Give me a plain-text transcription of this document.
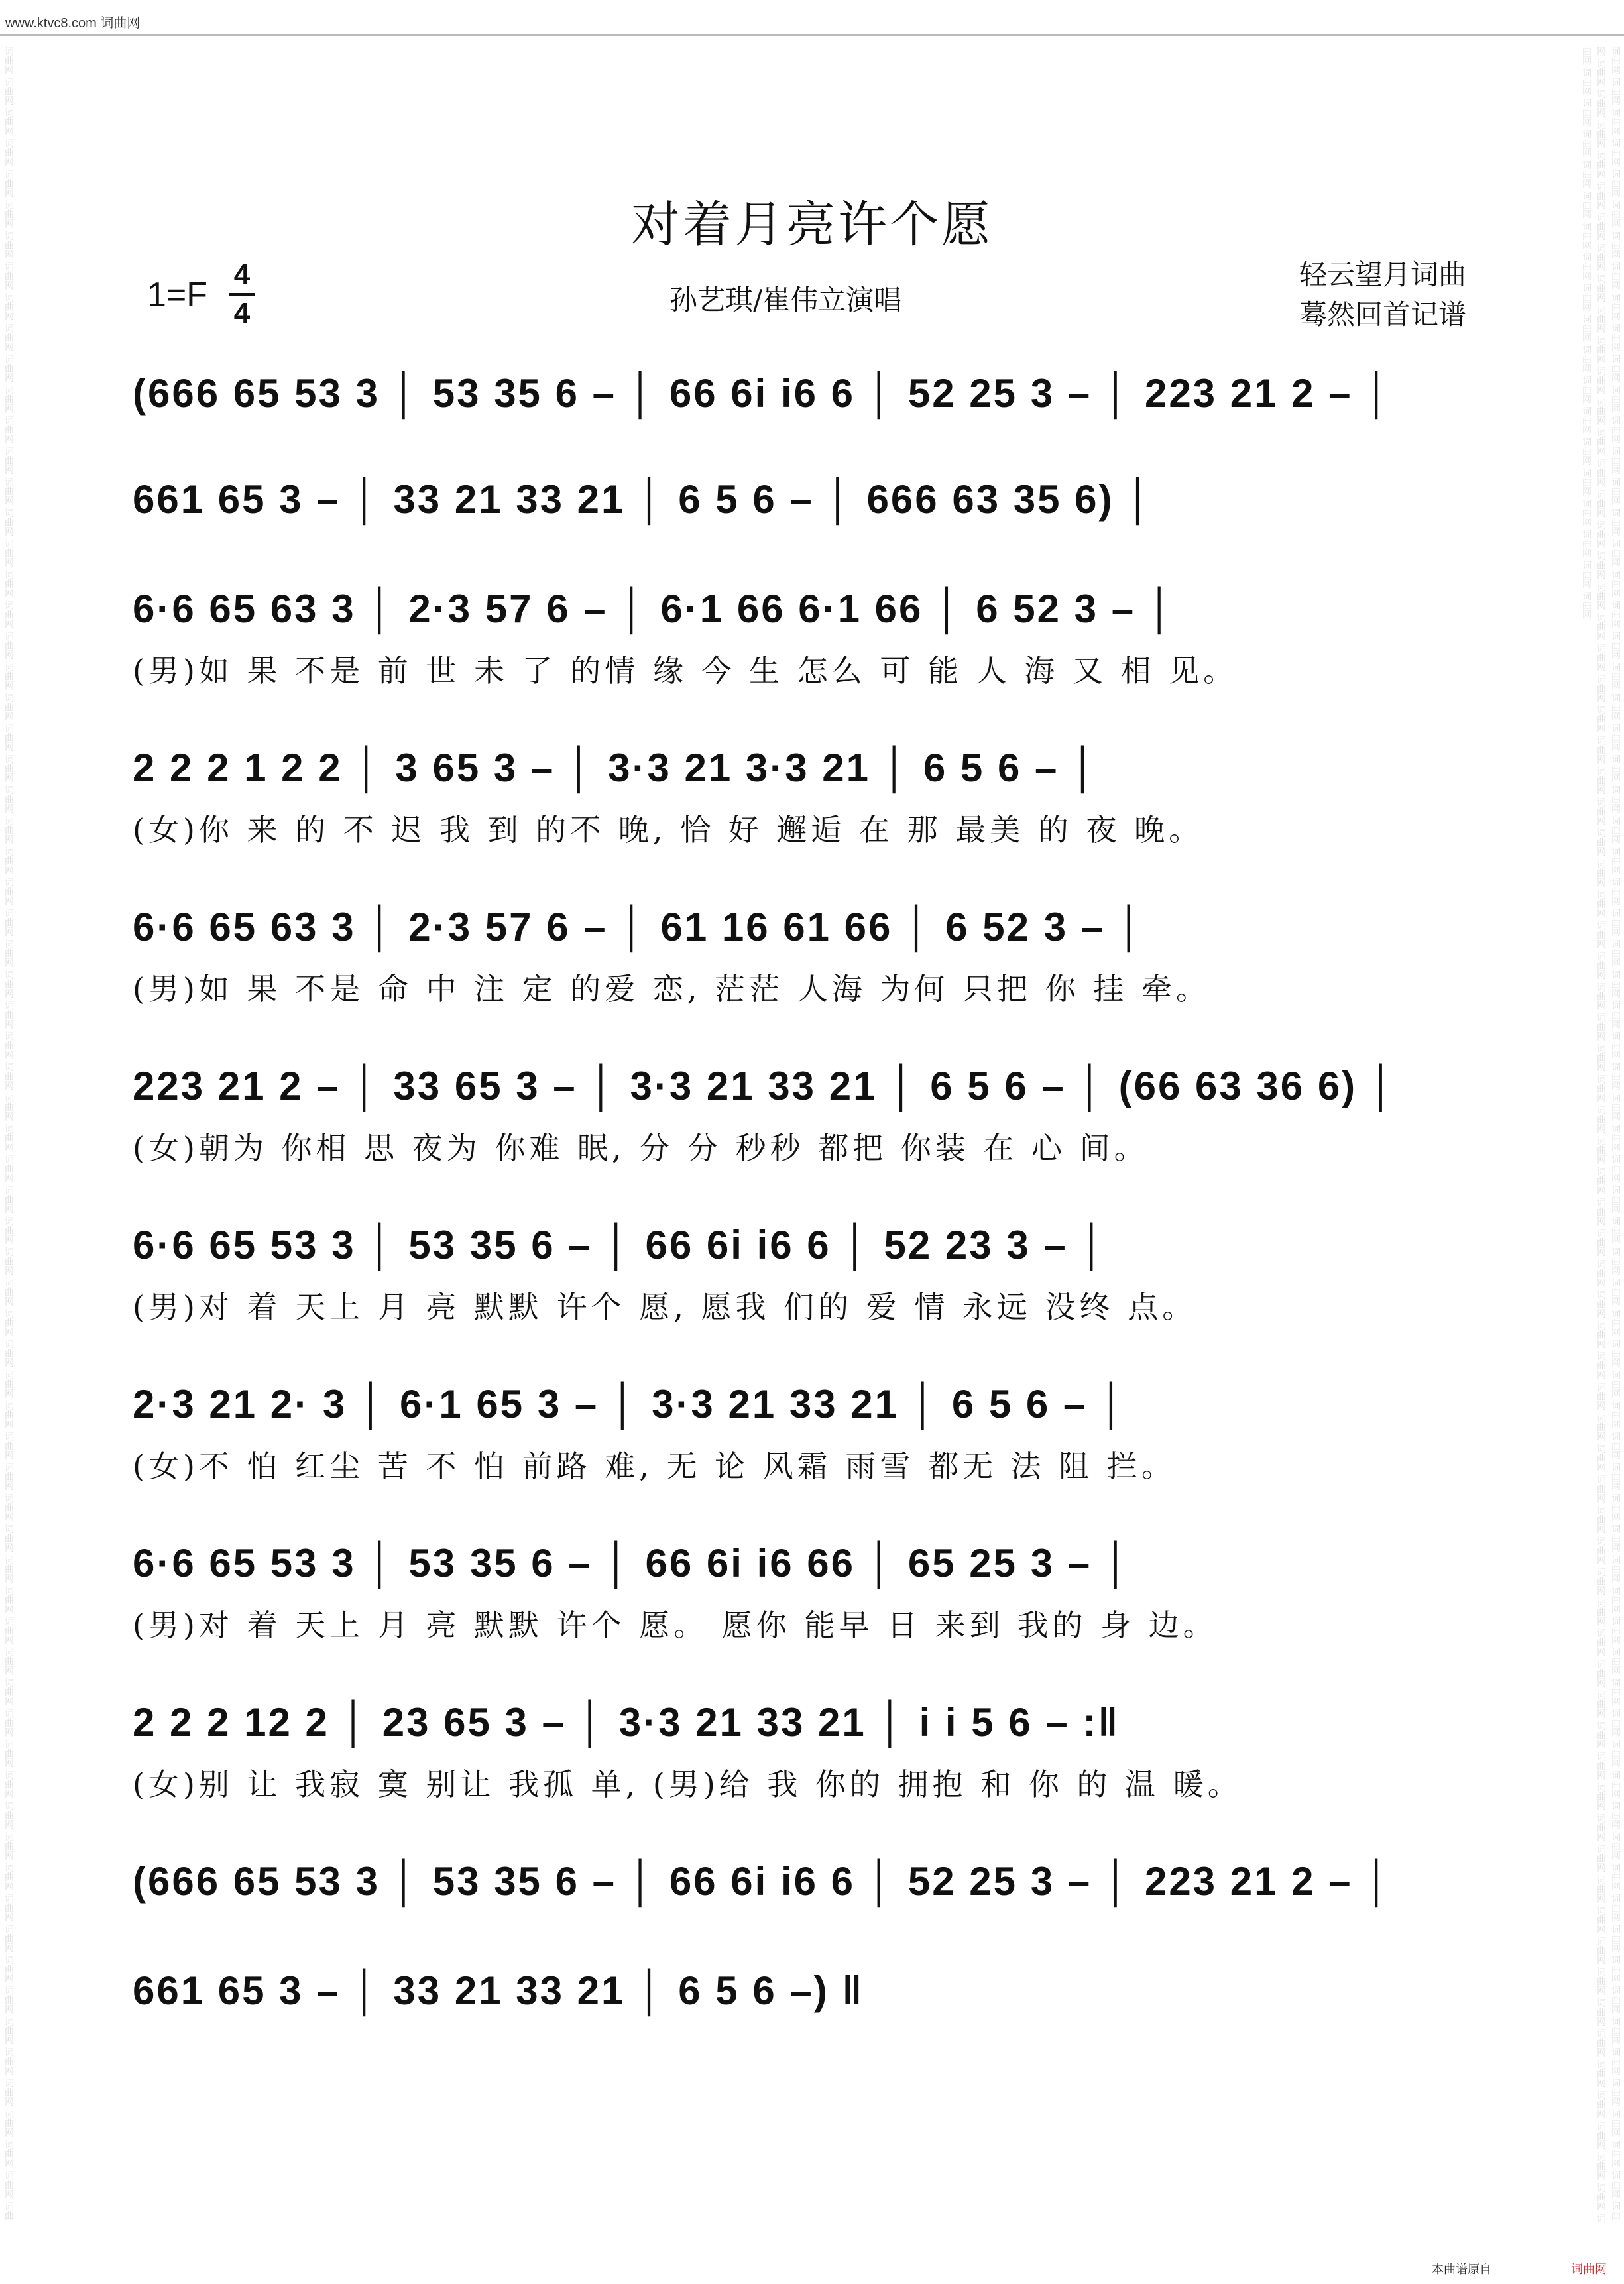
www.ktvc8.com 词曲网
词曲网 词曲网 词曲网 词曲网 词曲网 词曲网 词曲网 词曲网 词曲网 词曲网 词曲网 词曲网 词曲网 词曲网 词曲网 词曲网 词曲网 词曲网 词曲网 词曲网 词曲网 词曲网 词曲网 词曲网 词曲网 词曲网 词曲网 词曲网 词曲网 词曲网 词曲网 词曲网 词曲网 词曲网 词曲网 词曲网 词曲网 词曲网 词曲网 词曲网 词曲网 词曲网 词曲网 词曲网 词曲网 词曲网 词曲网 词曲网 词曲网 词曲网 词曲网 词曲网 词曲网 词曲网 词曲网 词曲网 词曲网 词曲网 词曲网 词曲网 词曲网 词曲网 词曲网 词曲网 词曲网 词曲网 词曲网 词曲网 词曲网 词曲网 词曲	词曲网 词曲网 词曲网 词曲网 词曲网 词曲网 词曲网 词曲网 词曲网 词曲网 词曲网 词曲网 词曲网 词曲网 词曲网 词曲网 词曲网 词曲网 词曲网 词曲网 词曲网 词曲网 词曲网 词曲网 词曲网 词曲网 词曲网 词曲网 词曲网 词曲网 词曲网 词曲网 词曲网 词曲网 词曲网 词曲网 词曲网 词曲网 词曲网 词曲网 词曲网 词曲网 词曲网 词曲网 词曲网 词曲网 词曲网 词曲网 词曲网 词曲网 词曲网 词曲网 词曲网 词曲网 词曲网 词曲网 词曲网 词曲网 词曲网 词曲网 词曲网 词曲网 词曲网 词曲网 词曲网 词曲网 词曲网 词曲网 词曲网 词曲网 词曲网 词曲网 词曲网 词曲网 词曲网 词曲网 词曲网 词曲网 词曲网 词曲网 词曲网 词曲网 词曲网 词曲网 词曲网 词曲网 词曲网 词曲网 词曲网 词曲网 词曲网 词曲网 词曲网 词曲网 词曲网 词曲网 词曲网 词曲网 词曲网 词曲网 词曲网 词曲网 词曲网 词曲网 词曲网 词曲网 词曲网 词曲网 词曲网 词曲网 词曲网 词曲网 词曲网 词曲网 词曲网 词曲网 词曲网 词曲网 词曲网 词曲网 词曲网 词曲网 词曲网 词曲网 词曲网 词曲网 词曲网 词曲网 词曲网 词曲网 词曲网 词曲网 词曲网 词曲网 词曲网 词曲网 词曲网 词曲网 词曲网 词曲网 词曲网 词曲网 词曲网 词曲网 词曲网 词曲网 词曲网 词曲网 词曲网 词曲网 词曲网 词曲网 词曲网 词曲网 词曲网 词曲网 词曲网 词曲网 词曲网 词曲网
对着月亮许个愿
1=F
4
4	孙艺琪/崔伟立演唱
轻云望月词曲
蓦然回首记谱
(666 65 53 3 │ 53 35 6 – │ 66 6i i6 6 │ 52 25 3 – │ 223 21 2 – │
661 65 3 – │ 33 21 33 21 │ 6 5 6 – │ 666 63 35 6) │
6·6 65 63 3 │ 2·3 57 6 – │ 6·1 66 6·1 66 │ 6 52 3 – │
(男)如 果 不是 前 世 未 了 的情 缘 今 生 怎么 可 能 人 海 又 相 见。
2 2 2 1 2 2 │ 3 65 3 – │ 3·3 21 3·3 21 │ 6 5 6 – │
(女)你 来 的 不 迟 我 到 的不 晚, 恰 好 邂逅 在 那 最美 的 夜 晚。
6·6 65 63 3 │ 2·3 57 6 – │ 61 16 61 66 │ 6 52 3 – │
(男)如 果 不是 命 中 注 定 的爱 恋, 茫茫 人海 为何 只把 你 挂 牵。
223 21 2 – │ 33 65 3 – │ 3·3 21 33 21 │ 6 5 6 – │ (66 63 36 6) │
(女)朝为 你相 思 夜为 你难 眠, 分 分 秒秒 都把 你装 在 心 间。
6·6 65 53 3 │ 53 35 6 – │ 66 6i i6 6 │ 52 23 3 – │
(男)对 着 天上 月 亮 默默 许个 愿, 愿我 们的 爱 情 永远 没终 点。
2·3 21 2· 3 │ 6·1 65 3 – │ 3·3 21 33 21 │ 6 5 6 – │
(女)不 怕 红尘 苦 不 怕 前路 难, 无 论 风霜 雨雪 都无 法 阻 拦。
6·6 65 53 3 │ 53 35 6 – │ 66 6i i6 66 │ 65 25 3 – │
(男)对 着 天上 月 亮 默默 许个 愿。 愿你 能早 日 来到 我的 身 边。
2 2 2 12 2 │ 23 65 3 – │ 3·3 21 33 21 │ i i 5 6 – :‖
(女)别 让 我寂 寞 别让 我孤 单, (男)给 我 你的 拥抱 和 你 的 温 暖。
(666 65 53 3 │ 53 35 6 – │ 66 6i i6 6 │ 52 25 3 – │ 223 21 2 – │
661 65 3 – │ 33 21 33 21 │ 6 5 6 –) ‖
本曲谱原自	词曲网
